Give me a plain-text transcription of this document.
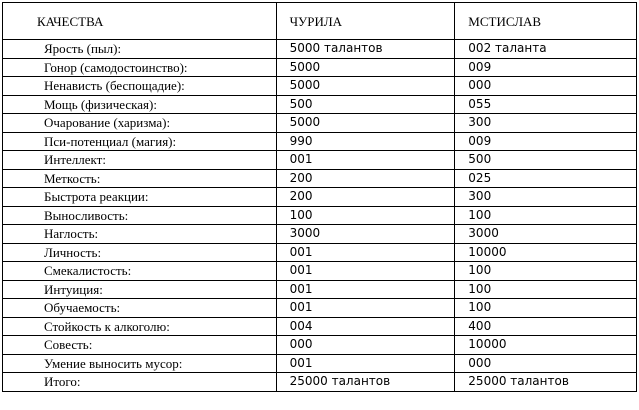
КАЧЕСТВА	ЧУРИЛА	МСТИСЛАВ
Ярость (пыл):	5000 талантов	002 таланта
Гонор (самодостоинство):	5000	009
Ненависть (беспощадие):	5000	000
Мощь (физическая):	500	055
Очарование (харизма):	5000	300
Пси-потенциал (магия):	990	009
Интеллект:	001	500
Меткость:	200	025
Быстрота реакции:	200	300
Выносливость:	100	100
Наглость:	3000	3000
Личность:	001	10000
Смекалистость:	001	100
Интуиция:	001	100
Обучаемость:	001	100
Стойкость к алкоголю:	004	400
Совесть:	000	10000
Умение выносить мусор:	001	000
Итого:	25000 талантов	25000 талантов
